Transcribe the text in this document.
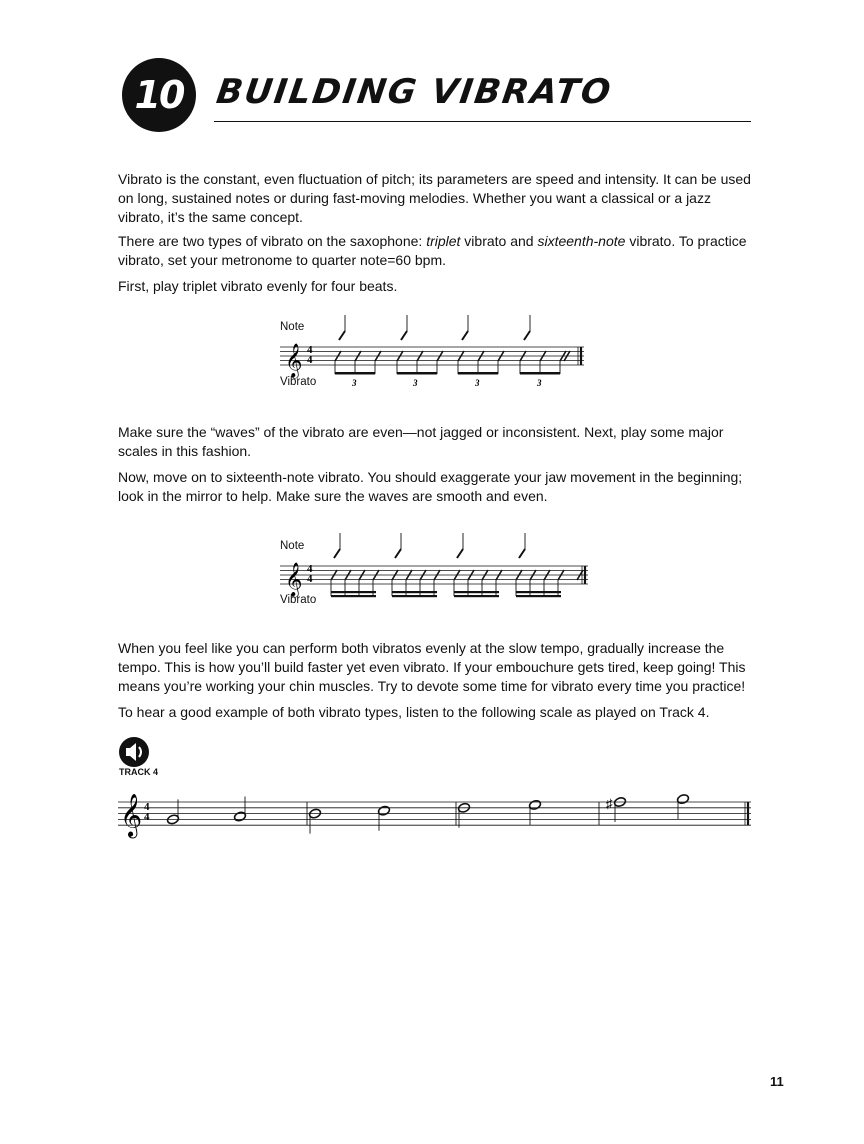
10 BUILDING VIBRATO

Vibrato is the constant, even fluctuation of pitch; its parameters are speed and intensity. It can be used on long, sustained notes or during fast-moving melodies. Whether you want a classical or a jazz vibrato, it’s the same concept.

There are two types of vibrato on the saxophone: triplet vibrato and sixteenth-note vibrato. To practice vibrato, set your metronome to quarter note=60 bpm.

First, play triplet vibrato evenly for four beats.

Note
Vibrato
𝄞 4
4
3	3	3	3
𝄞 4
4
𝄞 4
4
♯

Make sure the “waves” of the vibrato are even—not jagged or inconsistent. Next, play some major scales in this fashion.

Now, move on to sixteenth-note vibrato. You should exaggerate your jaw movement in the beginning; look in the mirror to help. Make sure the waves are smooth and even.

Note
Vibrato

When you feel like you can perform both vibratos evenly at the slow tempo, gradually increase the tempo. This is how you’ll build faster yet even vibrato. If your embouchure gets tired, keep going! This means you’re working your chin muscles. Try to devote some time for vibrato every time you practice!

To hear a good example of both vibrato types, listen to the following scale as played on Track 4.

TRACK 4
11
